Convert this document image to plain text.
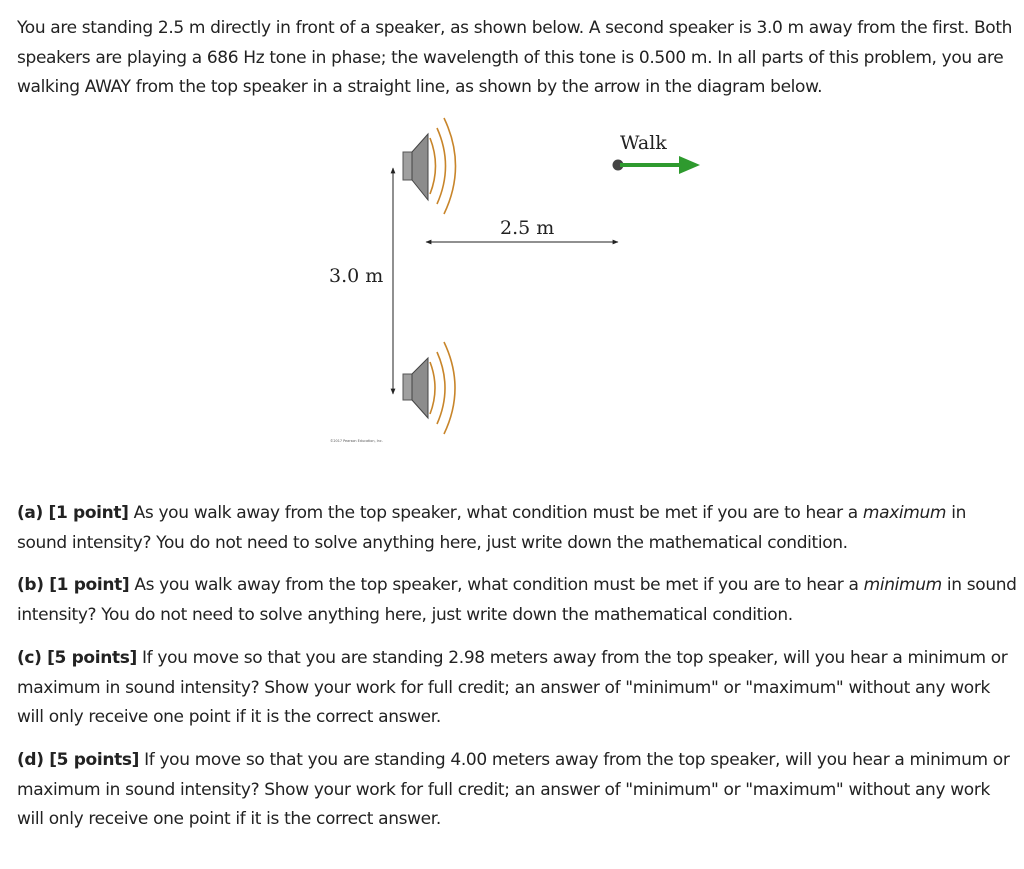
You are standing 2.5 m directly in front of a speaker, as shown below. A second speaker is 3.0 m away from the first. Both speakers are playing a 686 Hz tone in phase; the wavelength of this tone is 0.500 m. In all parts of this problem, you are walking AWAY from the top speaker in a straight line, as shown by the arrow in the diagram below.

3.0 m
2.5 m
Walk
©2017 Pearson Education, Inc.

(a) [1 point] As you walk away from the top speaker, what condition must be met if you are to hear a maximum in sound intensity? You do not need to solve anything here, just write down the mathematical condition.

(b) [1 point] As you walk away from the top speaker, what condition must be met if you are to hear a minimum in sound intensity? You do not need to solve anything here, just write down the mathematical condition.

(c) [5 points] If you move so that you are standing 2.98 meters away from the top speaker, will you hear a minimum or maximum in sound intensity? Show your work for full credit; an answer of "minimum" or "maximum" without any work will only receive one point if it is the correct answer.

(d) [5 points] If you move so that you are standing 4.00 meters away from the top speaker, will you hear a minimum or maximum in sound intensity? Show your work for full credit; an answer of "minimum" or "maximum" without any work will only receive one point if it is the correct answer.
